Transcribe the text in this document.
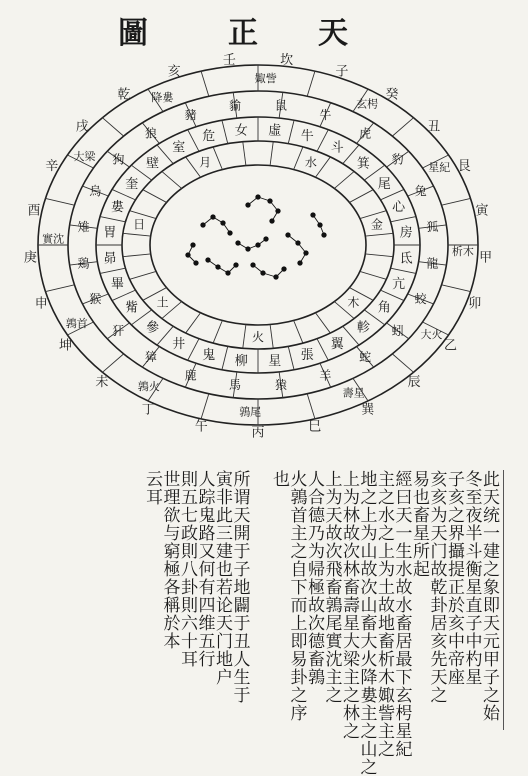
天
正
圖
坎
子
癸
丑
艮
寅
甲
卯
乙
辰
巽
巳
丙
午
丁
未
坤
申
庚
酉
辛
戌
乾
亥
壬
玄枵
星紀
析木
大火
壽星
鶉尾
鶉火
鶉首
實沈
大梁
降婁
娵訾
鼠
牛
虎
豹
兔
狐
龍
蛟
蚓
蛇
羊
猿
馬
鹿
獐
犴
猴
鶏
雉
烏
狗
狼
豬
貐
虛 牛
斗
箕
尾
心
房
氐
亢
角
軫
翼
張
星
柳
鬼
井
參
觜
畢
昴
胃
婁
奎
壁
室
危 女
水
金
木
火
土
日
月
此天统一建之象即天元甲子之始
冬至夜半斗衡星直子中杓星
子亥之界攝提正於亥中帝座
亥亥为天门故乾卦居亥先天之
易也畜星所起
經曰天一生水故水畜居最下玄枵星紀
主之水之上为土故地畜析木娵訾主之
地之上为山故次山畜大火降婁主之山之
上为林故次林畜壽星大梁主之林之
上为天故次飛畜鶉尾實沈主之
人合德乃为帰極故次德畜鶉
火鶉首主之自下而上即易卦之序
也
所谓天開于子地闢于丑人生于
寅非此三建也若论天门地户
人踪鬼路又何有四维五行
則五七政則八卦則六十耳
世理欲与窮極各稱於本
云耳
